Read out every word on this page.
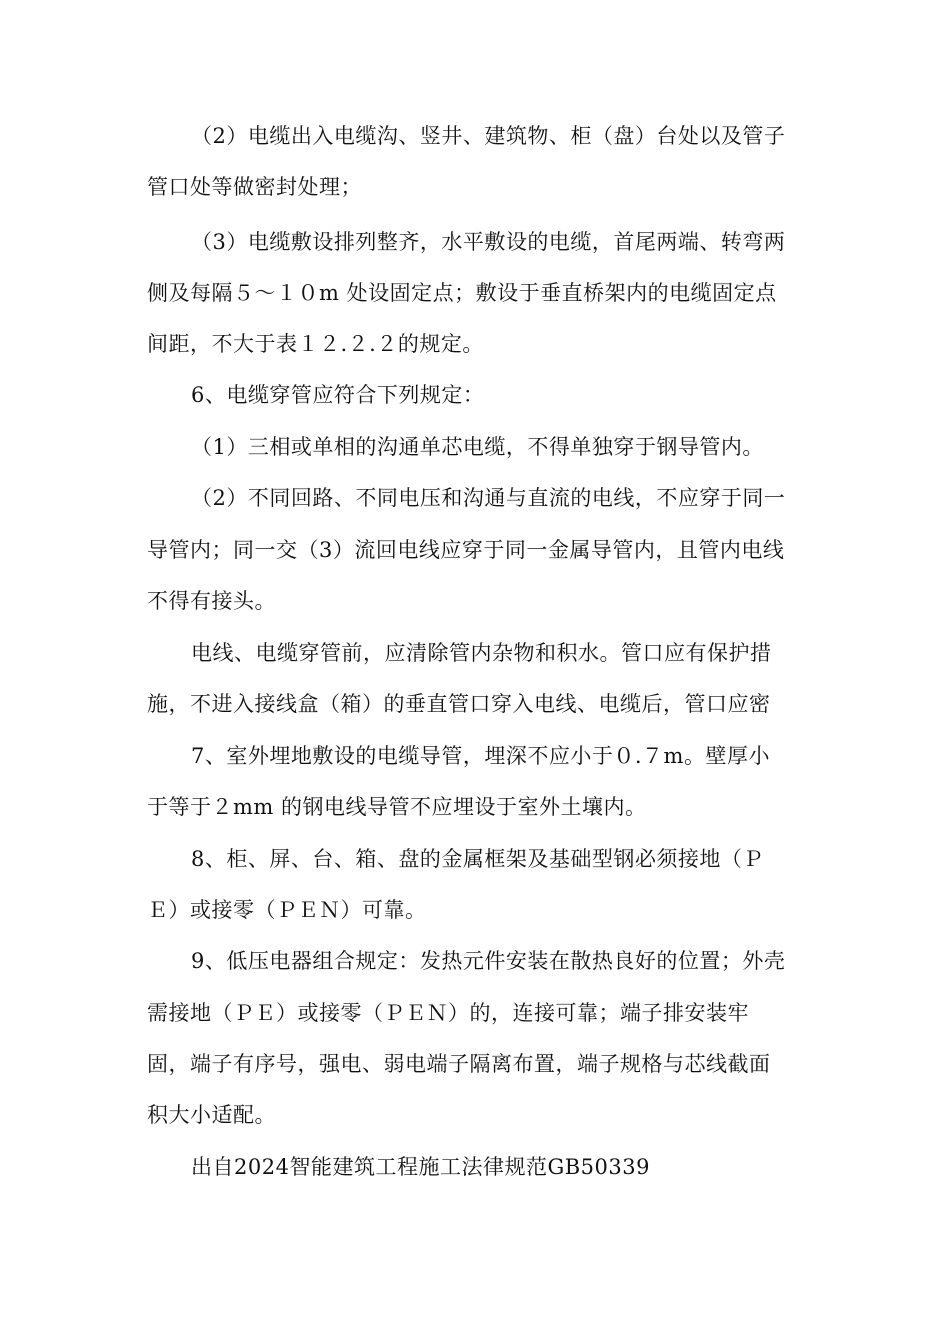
（2）电缆出入电缆沟、竖井、建筑物、柜（盘）台处以及管子
管口处等做密封处理；
（3）电缆敷设排列整齐，水平敷设的电缆，首尾两端、转弯两
侧及每隔５～１０m 处设固定点；敷设于垂直桥架内的电缆固定点
间距，不大于表１２.２.２的规定。
6、电缆穿管应符合下列规定：
（1）三相或单相的沟通单芯电缆，不得单独穿于钢导管内。
（2）不同回路、不同电压和沟通与直流的电线，不应穿于同一
导管内；同一交（3）流回电线应穿于同一金属导管内，且管内电线
不得有接头。
电线、电缆穿管前，应清除管内杂物和积水。管口应有保护措
施，不进入接线盒（箱）的垂直管口穿入电线、电缆后，管口应密
7、室外埋地敷设的电缆导管，埋深不应小于０.７m。壁厚小
于等于２mm 的钢电线导管不应埋设于室外土壤内。
8、柜、屏、台、箱、盘的金属框架及基础型钢必须接地（Ｐ
Ｅ）或接零（ＰＥＮ）可靠。
9、低压电器组合规定：发热元件安装在散热良好的位置；外壳
需接地（ＰＥ）或接零（ＰＥＮ）的，连接可靠；端子排安装牢
固，端子有序号，强电、弱电端子隔离布置，端子规格与芯线截面
积大小适配。
出自2024智能建筑工程施工法律规范GB50339
